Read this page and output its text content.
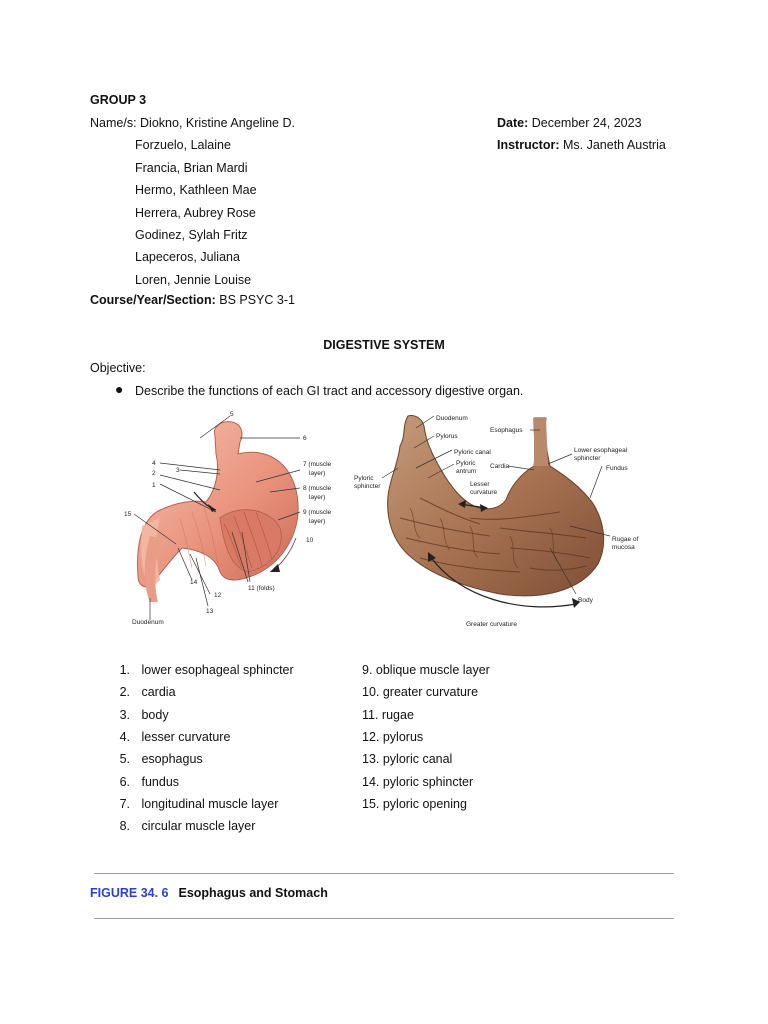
GROUP 3
Name/s: Diokno, Kristine Angeline D.
Forzuelo, Lalaine
Francia, Brian Mardi
Hermo, Kathleen Mae
Herrera, Aubrey Rose
Godinez, Sylah Fritz
Lapeceros, Juliana
Loren, Jennie Louise
Date: December 24, 2023
Instructor: Ms. Janeth Austria
Course/Year/Section: BS PSYC 3-1
DIGESTIVE SYSTEM
Objective:
● Describe the functions of each GI tract and accessory digestive organ.
5
6
4
3
2
1
7 (muscle
layer)
8 (muscle
layer)
9 (muscle
layer)
10
15
14
12
13
11 (folds)
Duodenum
Duodenum
Esophagus
Pylorus
Pyloric canal
Pyloric
antrum
Cardia
Lower esophageal
sphincter
Fundus
Pyloric
sphincter	Lesser
curvature
Rugae of
mucosa
Body
Greater curvature
1. lower esophageal sphincter
2. cardia
3. body
4. lesser curvature
5. esophagus
6. fundus
7. longitudinal muscle layer
8. circular muscle layer
9. oblique muscle layer
10. greater curvature
11. rugae
12. pylorus
13. pyloric canal
14. pyloric sphincter
15. pyloric opening
FIGURE 34. 6 Esophagus and Stomach
